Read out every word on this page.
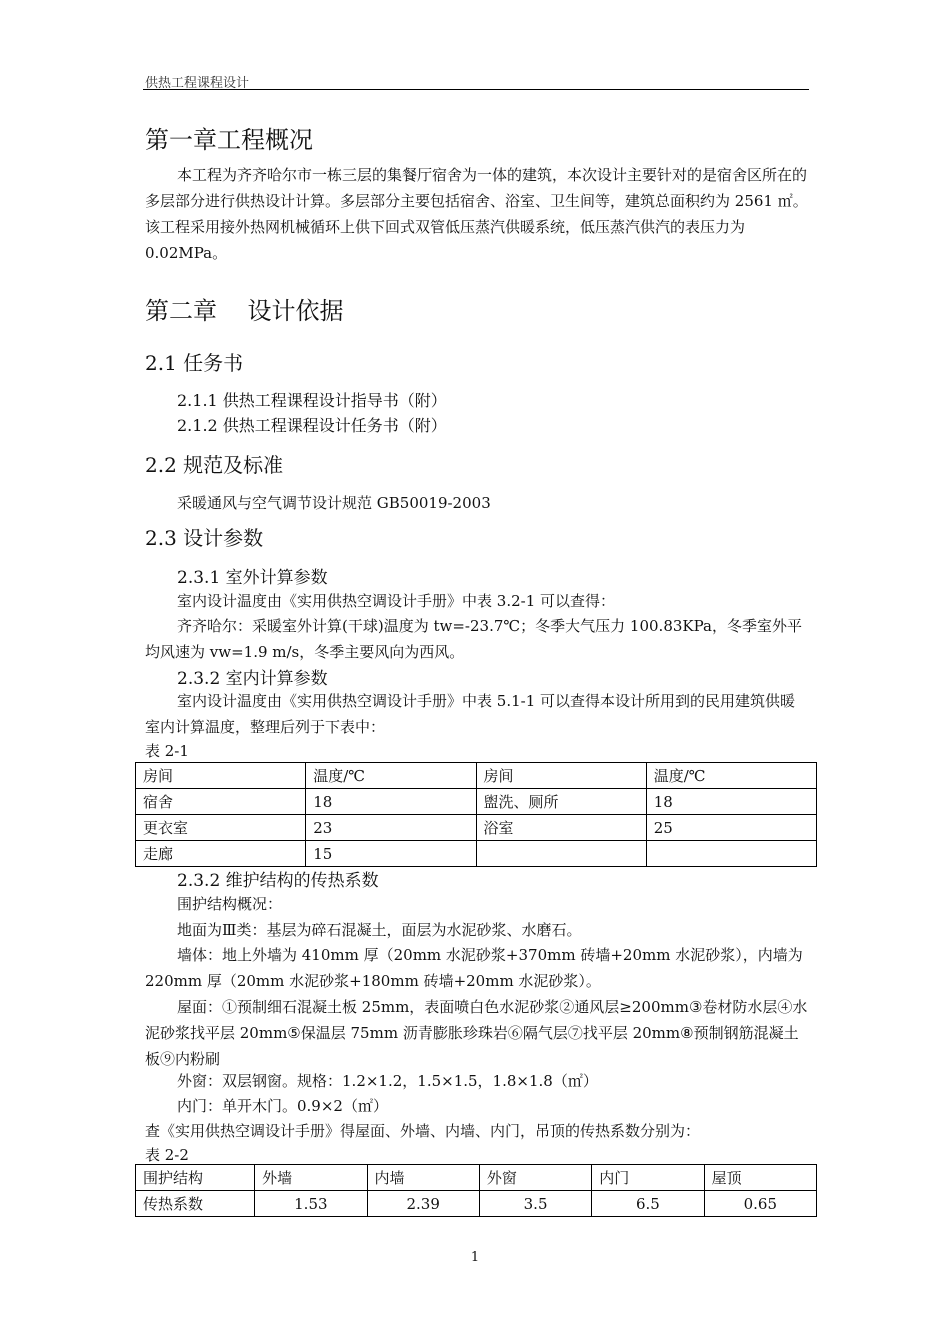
供热工程课程设计
第一章工程概况
本工程为齐齐哈尔市一栋三层的集餐厅宿舍为一体的建筑，本次设计主要针对的是宿舍区所在的多层部分进行供热设计计算。多层部分主要包括宿舍、浴室、卫生间等，建筑总面积约为 2561 ㎡。该工程采用接外热网机械循环上供下回式双管低压蒸汽供暖系统，低压蒸汽供汽的表压力为 0.02MPa。
第二章    设计依据
2.1 任务书
2.1.1 供热工程课程设计指导书（附）
2.1.2 供热工程课程设计任务书（附）
2.2 规范及标准
采暖通风与空气调节设计规范 GB50019-2003
2.3 设计参数
2.3.1 室外计算参数
室内设计温度由《实用供热空调设计手册》中表 3.2-1 可以查得：
齐齐哈尔：采暖室外计算(干球)温度为 tw=-23.7℃；冬季大气压力 100.83KPa，冬季室外平均风速为 vw=1.9 m/s，冬季主要风向为西风。
2.3.2 室内计算参数
室内设计温度由《实用供热空调设计手册》中表 5.1-1 可以查得本设计所用到的民用建筑供暖室内计算温度，整理后列于下表中：
表 2-1
房间	温度/℃	房间	温度/℃
宿舍	18	盥洗、厕所	18
更衣室	23	浴室	25
走廊	15		
2.3.2 维护结构的传热系数
围护结构概况：
地面为Ⅲ类：基层为碎石混凝土，面层为水泥砂浆、水磨石。
墙体：地上外墙为 410mm 厚（20mm 水泥砂浆+370mm 砖墙+20mm 水泥砂浆），内墙为 220mm 厚（20mm 水泥砂浆+180mm 砖墙+20mm 水泥砂浆）。
屋面：①预制细石混凝土板 25mm，表面喷白色水泥砂浆②通风层≥200mm③卷材防水层④水泥砂浆找平层 20mm⑤保温层 75mm 沥青膨胀珍珠岩⑥隔气层⑦找平层 20mm⑧预制钢筋混凝土板⑨内粉刷
外窗：双层钢窗。规格：1.2×1.2，1.5×1.5，1.8×1.8（㎡）
内门：单开木门。0.9×2（㎡）
查《实用供热空调设计手册》得屋面、外墙、内墙、内门，吊顶的传热系数分别为：
表 2-2
围护结构	外墙	内墙	外窗	内门	屋顶
传热系数	1.53	2.39	3.5	6.5	0.65
1
